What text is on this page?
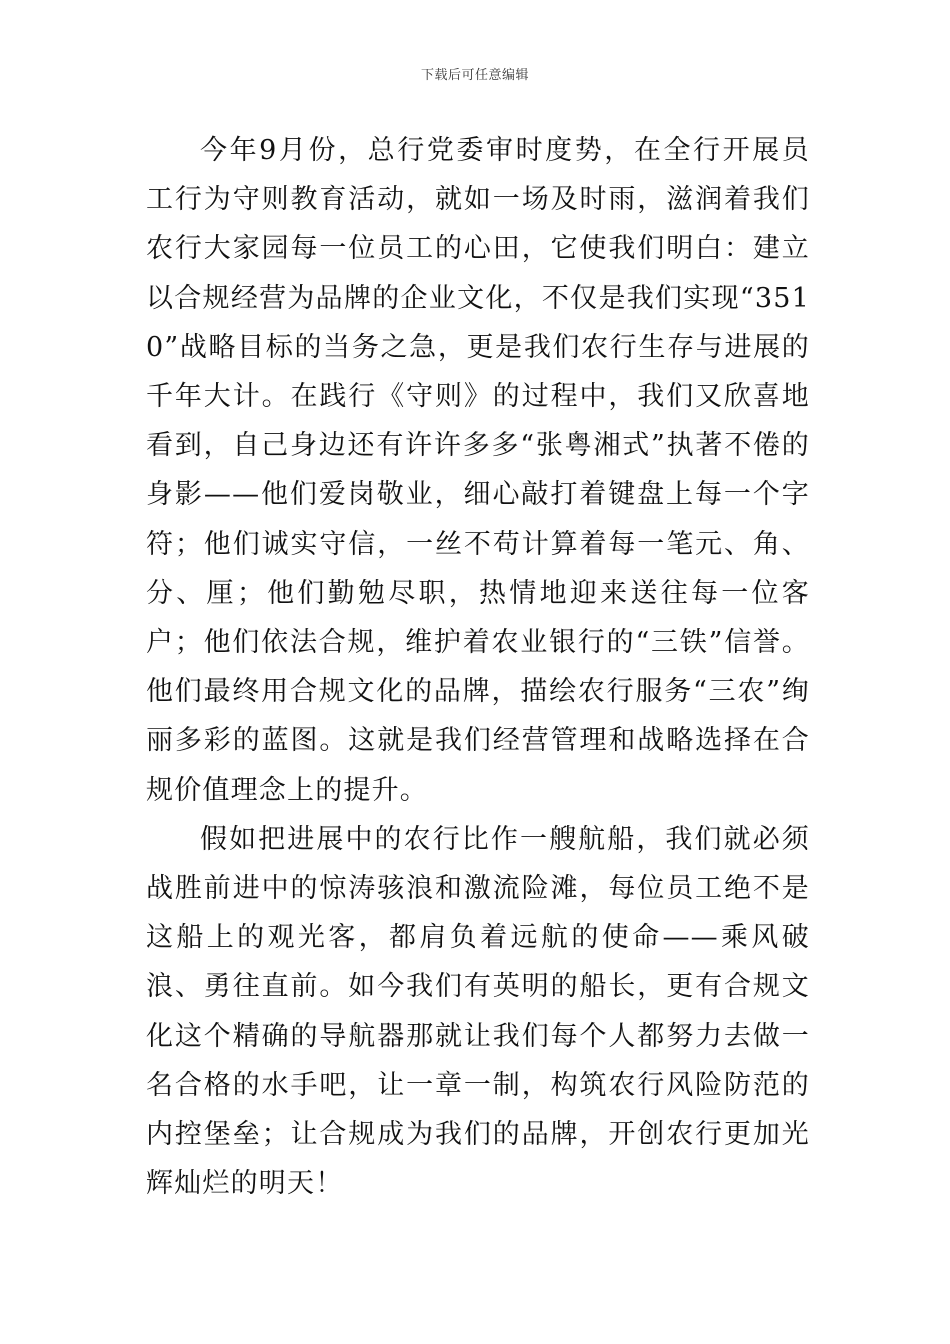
下载后可任意编辑

今年9月份，总行党委审时度势，在全行开展员工行为守则教育活动，就如一场及时雨，滋润着我们农行大家园每一位员工的心田，它使我们明白：建立以合规经营为品牌的企业文化，不仅是我们实现“3510”战略目标的当务之急，更是我们农行生存与进展的千年大计。在践行《守则》的过程中，我们又欣喜地看到，自己身边还有许许多多“张粤湘式”执著不倦的身影——他们爱岗敬业，细心敲打着键盘上每一个字符；他们诚实守信，一丝不苟计算着每一笔元、角、分、厘；他们勤勉尽职，热情地迎来送往每一位客户；他们依法合规，维护着农业银行的“三铁”信誉。他们最终用合规文化的品牌，描绘农行服务“三农”绚丽多彩的蓝图。这就是我们经营管理和战略选择在合规价值理念上的提升。

假如把进展中的农行比作一艘航船，我们就必须战胜前进中的惊涛骇浪和激流险滩，每位员工绝不是这船上的观光客，都肩负着远航的使命——乘风破浪、勇往直前。如今我们有英明的船长，更有合规文化这个精确的导航器那就让我们每个人都努力去做一名合格的水手吧，让一章一制，构筑农行风险防范的内控堡垒；让合规成为我们的品牌，开创农行更加光辉灿烂的明天！
